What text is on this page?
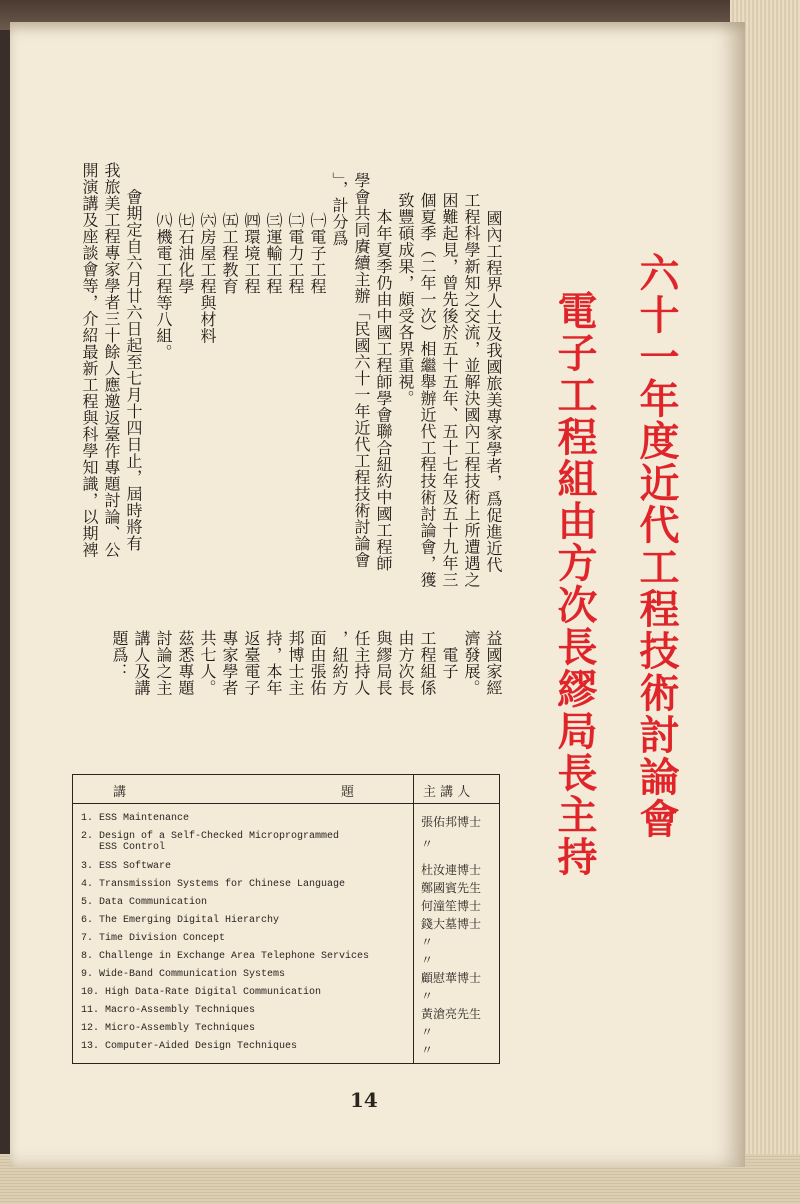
六十一年度近代工程技術討論會
電子工程組由方次長繆局長主持
國內工程界人士及我國旅美專家學者，爲促進近代
工程科學新知之交流，並解決國內工程技術上所遭遇之
困難起見，曾先後於五十五年、五十七年及五十九年三
個夏季（二年一次）相繼舉辦近代工程技術討論會，獲
致豐碩成果，頗受各界重視。
　本年夏季仍由中國工程師學會聯合紐約中國工程師
學會共同賡續主辦「民國六十一年近代工程技術討論會
」，計分爲
㈠電子工程
㈡電力工程
㈢運輸工程
㈣環境工程
㈤工程教育
㈥房屋工程與材料
㈦石油化學
㈧機電工程等八組。
　會期定自六月廿六日起至七月十四日止，屆時將有
我旅美工程專家學者三十餘人應邀返臺作專題討論、公
開演講及座談會等，介紹最新工程與科學知識，以期裨
益國家經
濟發展。
　電子
工程組係
由方次長
與繆局長
任主持人
，紐約方
面由張佑
邦博士主
持，本年
返臺電子
專家學者
共七人。
茲悉專題
討論之主
講人及講
題爲：
講	題	主 講 人
1. ESS Maintenance	張佑邦博士
2. Design of a Self-Checked Microprogrammed
ESS Control	〃
3. ESS Software	杜汝連博士
4. Transmission Systems for Chinese Language	鄭國賓先生
5. Data Communication	何潼笙博士
6. The Emerging Digital Hierarchy	錢大墓博士
7. Time Division Concept	〃
8. Challenge in Exchange Area Telephone Services	〃
9. Wide-Band Communication Systems	顧慰華博士
10. High Data-Rate Digital Communication	〃
11. Macro-Assembly Techniques	黃滄亮先生
12. Micro-Assembly Techniques	〃
13. Computer-Aided Design Techniques	〃
14
